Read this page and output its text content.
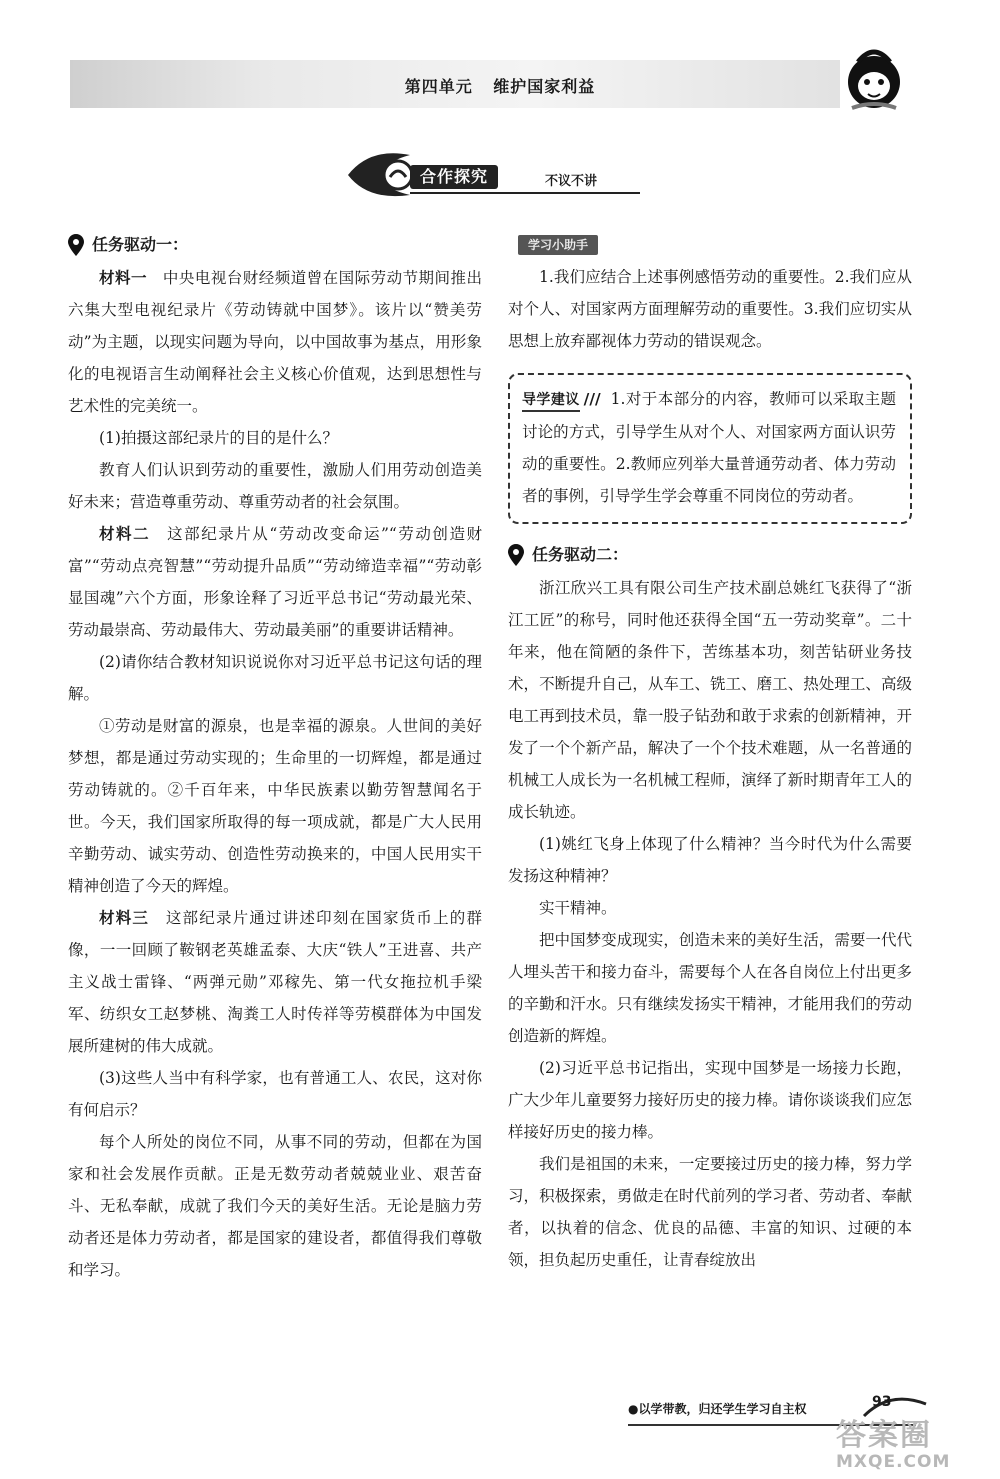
第四单元 维护国家利益
合作探究	不议不讲
任务驱动一：

材料一　中央电视台财经频道曾在国际劳动节期间推出六集大型电视纪录片《劳动铸就中国梦》。该片以“赞美劳动”为主题，以现实问题为导向，以中国故事为基点，用形象化的电视语言生动阐释社会主义核心价值观，达到思想性与艺术性的完美统一。

(1)拍摄这部纪录片的目的是什么？

教育人们认识到劳动的重要性，激励人们用劳动创造美好未来；营造尊重劳动、尊重劳动者的社会氛围。

材料二　这部纪录片从“劳动改变命运”“劳动创造财富”“劳动点亮智慧”“劳动提升品质”“劳动缔造幸福”“劳动彰显国魂”六个方面，形象诠释了习近平总书记“劳动最光荣、劳动最崇高、劳动最伟大、劳动最美丽”的重要讲话精神。

(2)请你结合教材知识说说你对习近平总书记这句话的理解。

①劳动是财富的源泉，也是幸福的源泉。人世间的美好梦想，都是通过劳动实现的；生命里的一切辉煌，都是通过劳动铸就的。②千百年来，中华民族素以勤劳智慧闻名于世。今天，我们国家所取得的每一项成就，都是广大人民用辛勤劳动、诚实劳动、创造性劳动换来的，中国人民用实干精神创造了今天的辉煌。

材料三　这部纪录片通过讲述印刻在国家货币上的群像，一一回顾了鞍钢老英雄孟泰、大庆“铁人”王进喜、共产主义战士雷锋、“两弹元勋”邓稼先、第一代女拖拉机手梁军、纺织女工赵梦桃、淘粪工人时传祥等劳模群体为中国发展所建树的伟大成就。

(3)这些人当中有科学家，也有普通工人、农民，这对你有何启示？

每个人所处的岗位不同，从事不同的劳动，但都在为国家和社会发展作贡献。正是无数劳动者兢兢业业、艰苦奋斗、无私奉献，成就了我们今天的美好生活。无论是脑力劳动者还是体力劳动者，都是国家的建设者，都值得我们尊敬和学习。

学习小助手

1.我们应结合上述事例感悟劳动的重要性。2.我们应从对个人、对国家两方面理解劳动的重要性。3.我们应切实从思想上放弃鄙视体力劳动的错误观念。

导学建议 /// 1.对于本部分的内容，教师可以采取主题讨论的方式，引导学生从对个人、对国家两方面认识劳动的重要性。2.教师应列举大量普通劳动者、体力劳动者的事例，引导学生学会尊重不同岗位的劳动者。
任务驱动二：

浙江欣兴工具有限公司生产技术副总姚红飞获得了“浙江工匠”的称号，同时他还获得全国“五一劳动奖章”。二十年来，他在简陋的条件下，苦练基本功，刻苦钻研业务技术，不断提升自己，从车工、铣工、磨工、热处理工、高级电工再到技术员，靠一股子钻劲和敢于求索的创新精神，开发了一个个新产品，解决了一个个技术难题，从一名普通的机械工人成长为一名机械工程师，演绎了新时期青年工人的成长轨迹。

(1)姚红飞身上体现了什么精神？当今时代为什么需要发扬这种精神？

实干精神。

把中国梦变成现实，创造未来的美好生活，需要一代代人埋头苦干和接力奋斗，需要每个人在各自岗位上付出更多的辛勤和汗水。只有继续发扬实干精神，才能用我们的劳动创造新的辉煌。

(2)习近平总书记指出，实现中国梦是一场接力长跑，广大少年儿童要努力接好历史的接力棒。请你谈谈我们应怎样接好历史的接力棒。

我们是祖国的未来，一定要接过历史的接力棒，努力学习，积极探索，勇做走在时代前列的学习者、劳动者、奉献者，以执着的信念、优良的品德、丰富的知识、过硬的本领，担负起历史重任，让青春绽放出

●以学带教，归还学生学习自主权	93
答案圈
MXQE.COM
